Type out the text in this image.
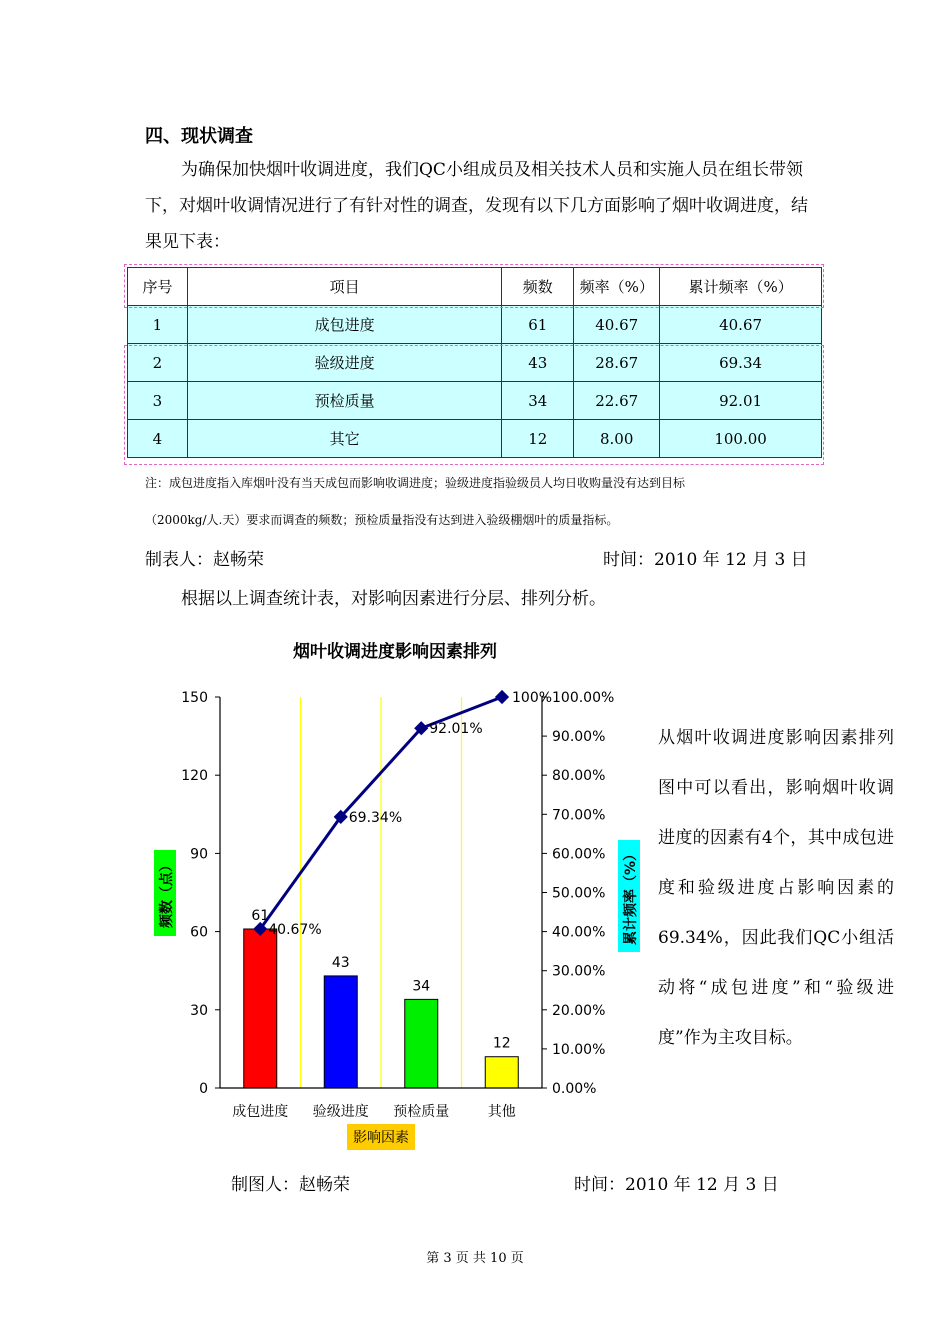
四、现状调查
为确保加快烟叶收调进度，我们QC小组成员及相关技术人员和实施人员在组长带领下，对烟叶收调情况进行了有针对性的调查，发现有以下几方面影响了烟叶收调进度，结果见下表：
序号	项目	频数	频率（%）	累计频率（%）
1	成包进度	61	40.67	40.67
2	验级进度	43	28.67	69.34
3	预检质量	34	22.67	92.01
4	其它	12	8.00	100.00
注：成包进度指入库烟叶没有当天成包而影响收调进度；验级进度指验级员人均日收购量没有达到目标
（2000kg/人.天）要求而调查的频数；预检质量指没有达到进入验级棚烟叶的质量指标。
制表人：赵畅荣	时间：2010 年 12 月 3 日
根据以上调查统计表，对影响因素进行分层、排列分析。
烟叶收调进度影响因素排列
61
成包进度
43
验级进度
34
预检质量
12
其他
0
30
60
90
120
150
0.00%
10.00%
20.00%
30.00%
40.00%
50.00%
60.00%
70.00%
80.00%
90.00%
100.00%
40.67%
69.34%
92.01%
100%
频数（点）	累计频率（%）
影响因素
从烟叶收调进度影响因素排列图中可以看出，影响烟叶收调进度的因素有4个，其中成包进度和验级进度占影响因素的69.34%，因此我们QC小组活动将“成包进度”和“验级进度”作为主攻目标。
制图人：赵畅荣	时间：2010 年 12 月 3 日
第 3 页 共 10 页
